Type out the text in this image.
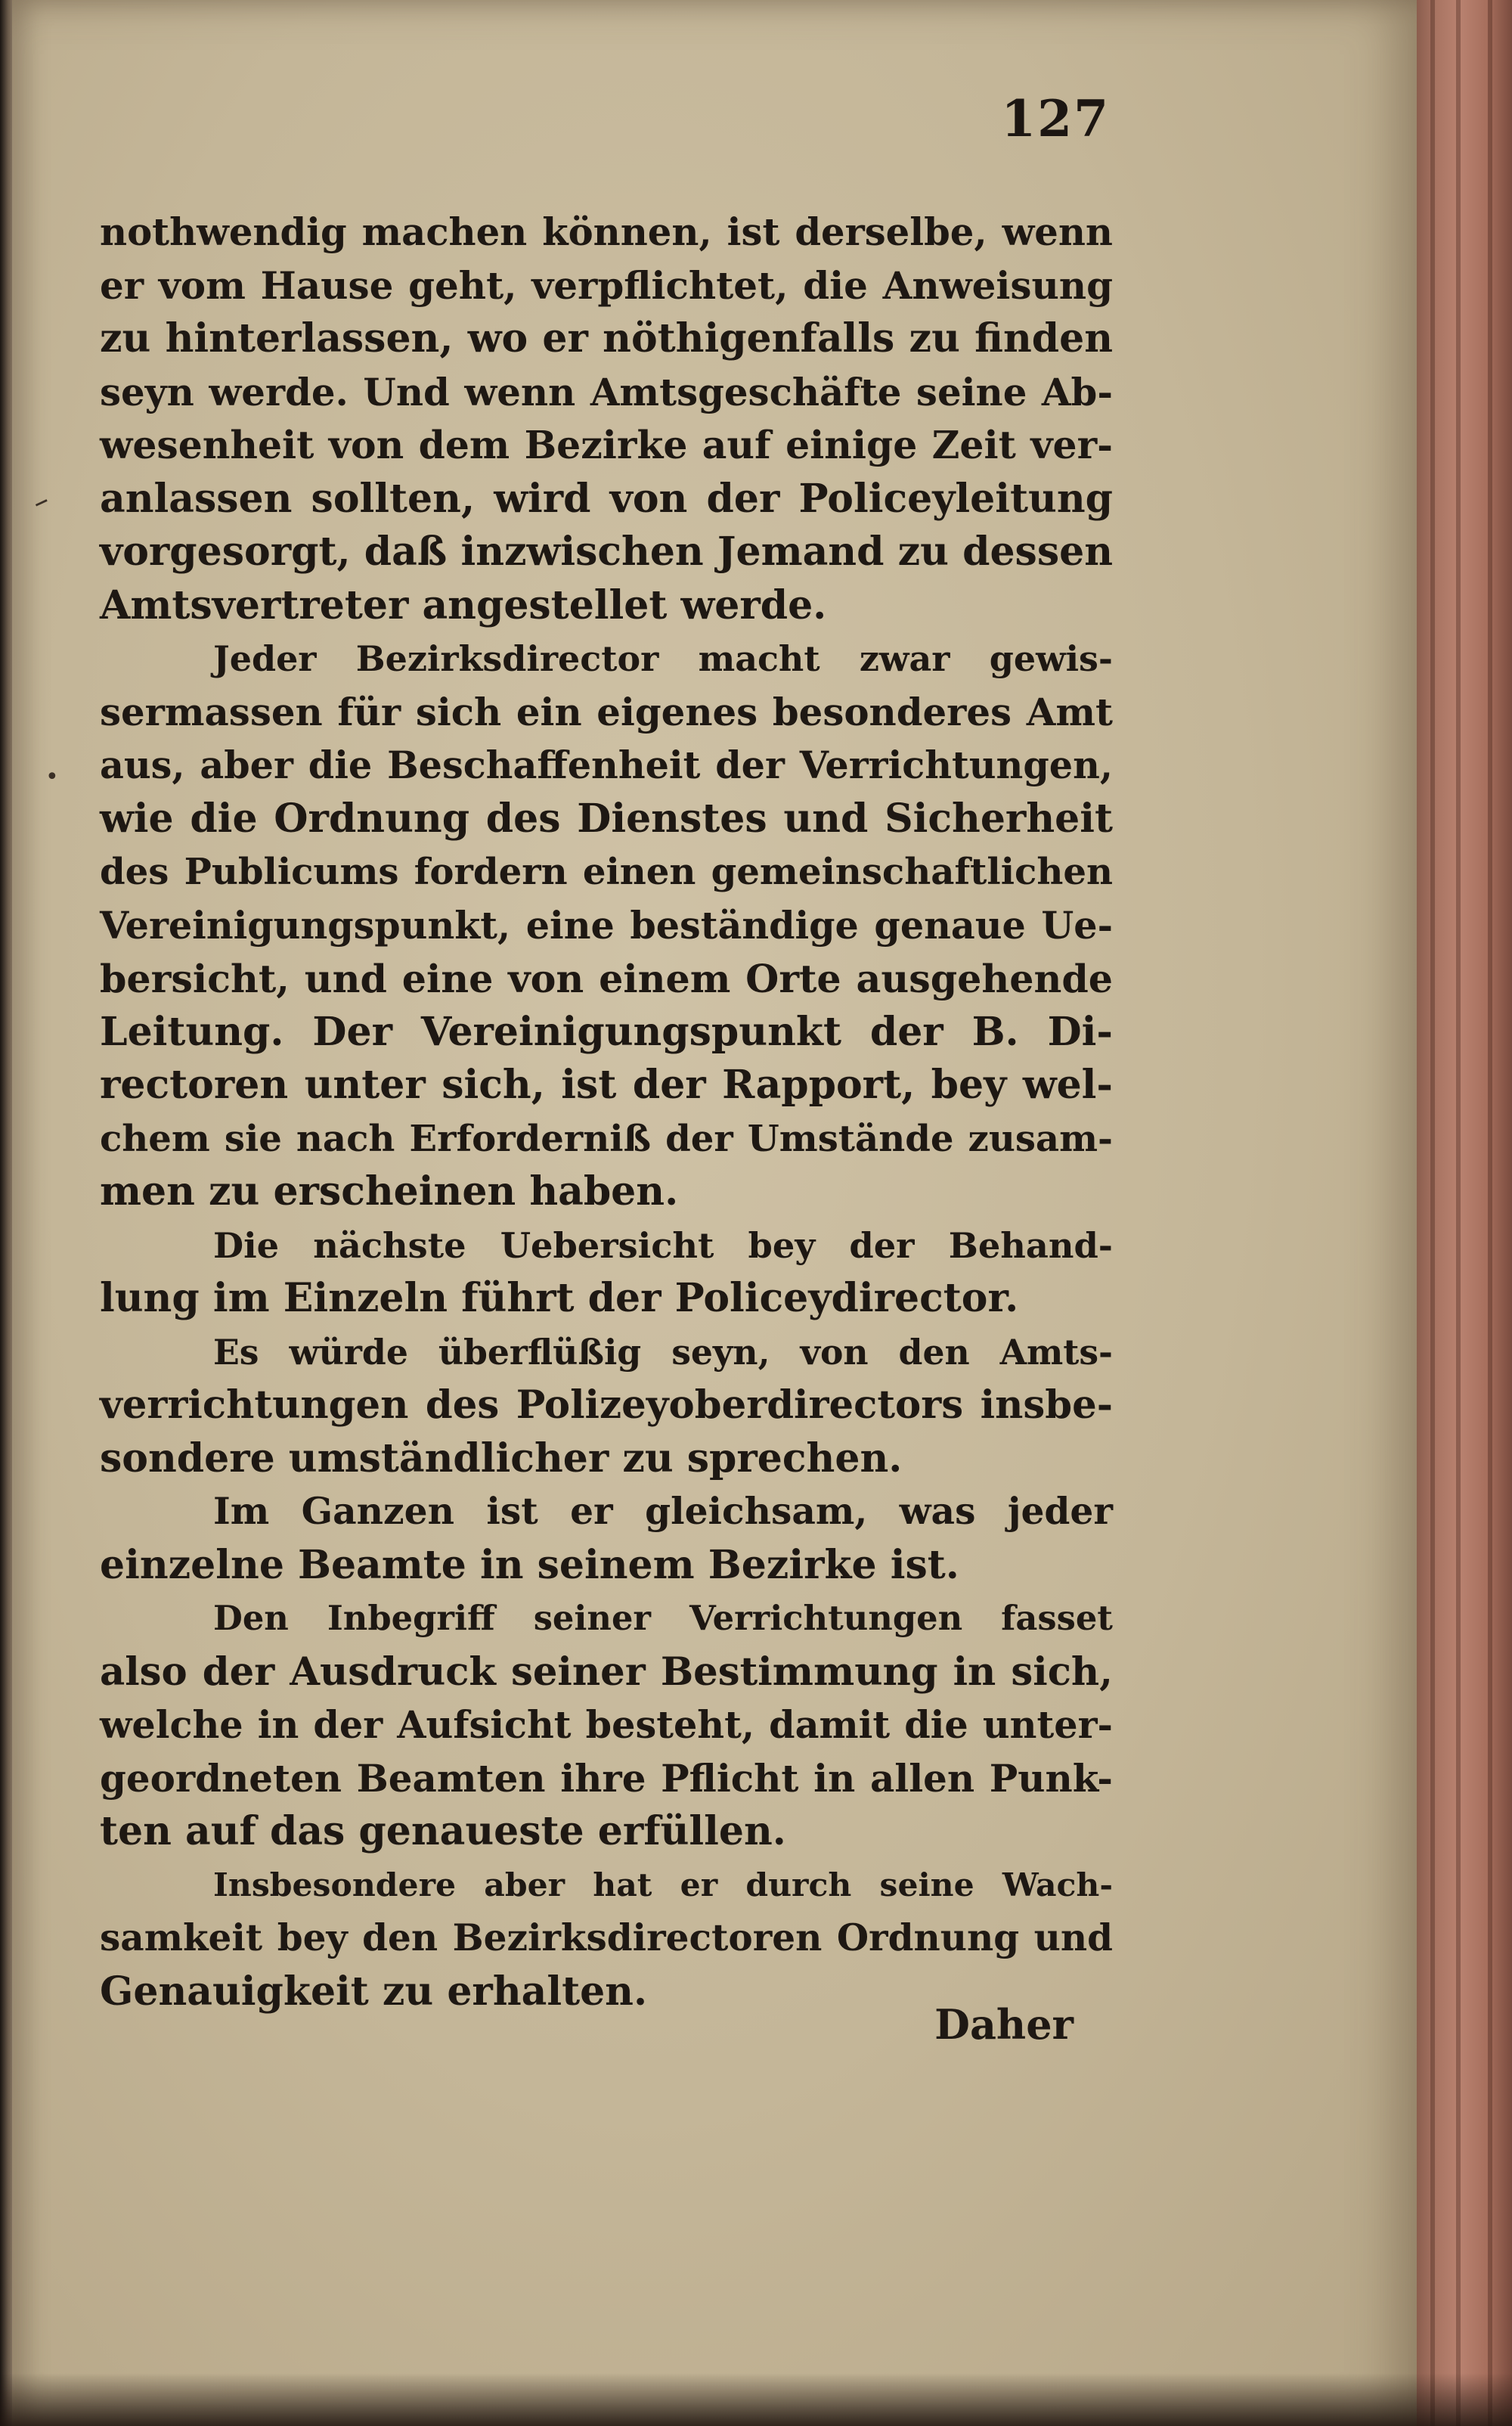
–
•
127
nothwendig machen können, ist derselbe, wenn
er vom Hause geht, verpflichtet, die Anweisung
zu hinterlassen, wo er nöthigenfalls zu finden
seyn werde. Und wenn Amtsgeschäfte seine Ab-
wesenheit von dem Bezirke auf einige Zeit ver-
anlassen sollten, wird von der Policeyleitung
vorgesorgt, daß inzwischen Jemand zu dessen
Amtsvertreter angestellet werde.
Jeder Bezirksdirector macht zwar gewis-
sermassen für sich ein eigenes besonderes Amt
aus, aber die Beschaffenheit der Verrichtungen,
wie die Ordnung des Dienstes und Sicherheit
des Publicums fordern einen gemeinschaftlichen
Vereinigungspunkt, eine beständige genaue Ue-
bersicht, und eine von einem Orte ausgehende
Leitung. Der Vereinigungspunkt der B. Di-
rectoren unter sich, ist der Rapport, bey wel-
chem sie nach Erforderniß der Umstände zusam-
men zu erscheinen haben.
Die nächste Uebersicht bey der Behand-
lung im Einzeln führt der Policeydirector.
Es würde überflüßig seyn, von den Amts-
verrichtungen des Polizeyoberdirectors insbe-
sondere umständlicher zu sprechen.
Im Ganzen ist er gleichsam, was jeder
einzelne Beamte in seinem Bezirke ist.
Den Inbegriff seiner Verrichtungen fasset
also der Ausdruck seiner Bestimmung in sich,
welche in der Aufsicht besteht, damit die unter-
geordneten Beamten ihre Pflicht in allen Punk-
ten auf das genaueste erfüllen.
Insbesondere aber hat er durch seine Wach-
samkeit bey den Bezirksdirectoren Ordnung und
Genauigkeit zu erhalten.
Daher
